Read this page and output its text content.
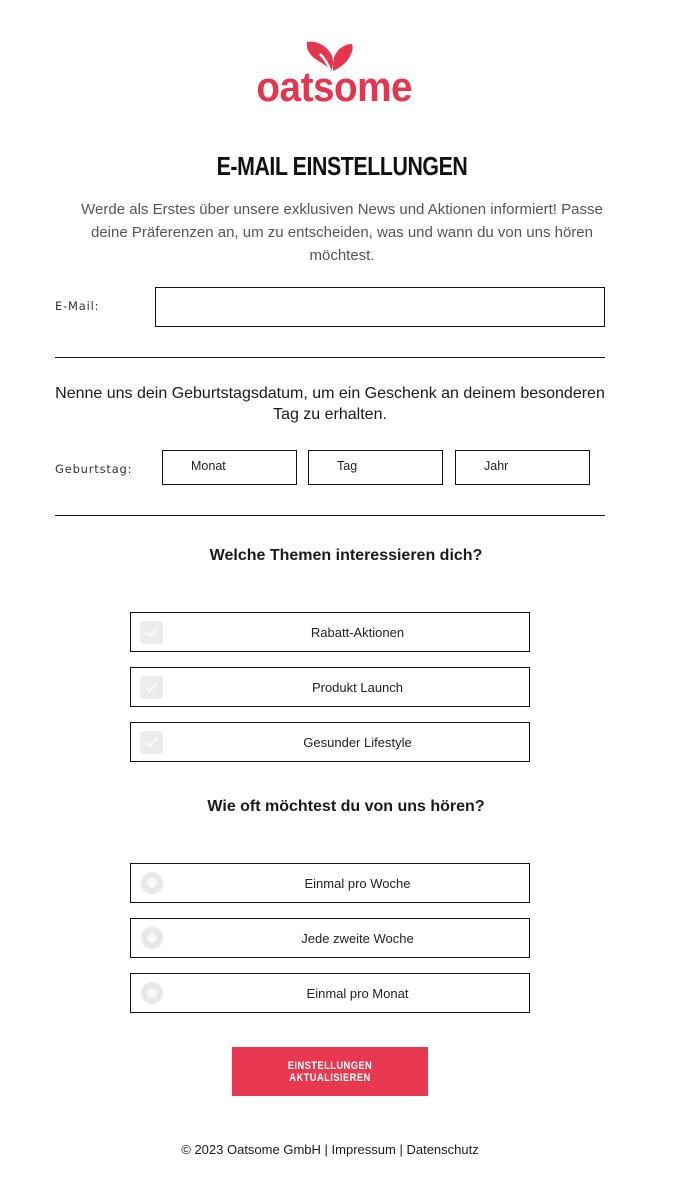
oatsome
E-MAIL EINSTELLUNGEN

Werde als Erstes über unsere exklusiven News und Aktionen informiert! Passe deine Präferenzen an, um zu entscheiden, was und wann du von uns hören möchtest.

E-Mail:

Nenne uns dein Geburtstagsdatum, um ein Geschenk an deinem besonderen Tag zu erhalten.

Geburtstag:	Monat	Tag	Jahr
Welche Themen interessieren dich?
Rabatt-Aktionen
Produkt Launch
Gesunder Lifestyle
Wie oft möchtest du von uns hören?
Einmal pro Woche
Jede zweite Woche
Einmal pro Monat
EINSTELLUNGEN AKTUALISIEREN
© 2023 Oatsome GmbH | Impressum | Datenschutz
